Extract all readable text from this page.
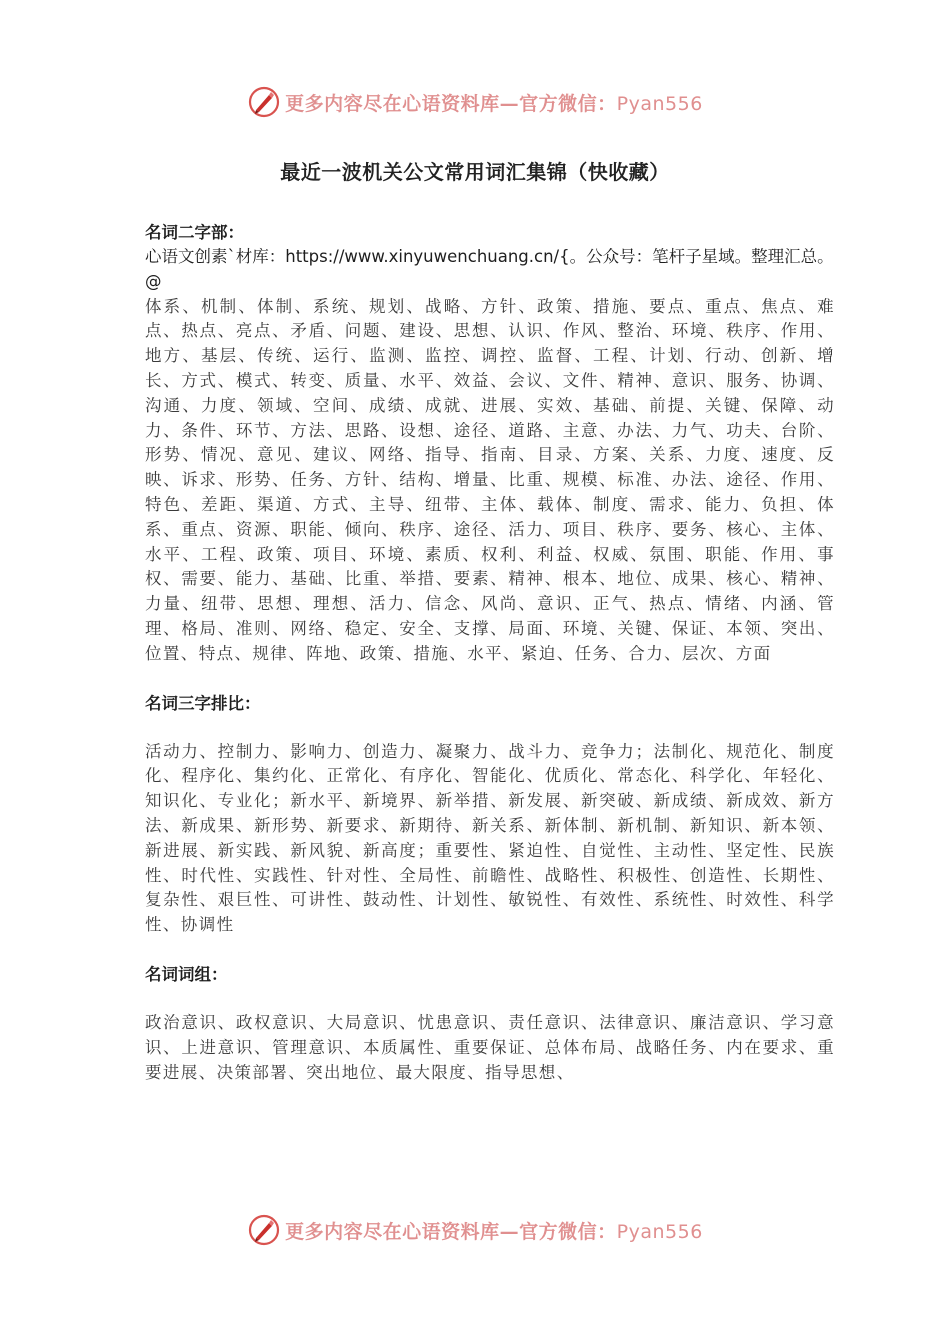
更多内容尽在心语资料库—官方微信：Pyan556
最近一波机关公文常用词汇集锦（快收藏）

名词二字部：

心语文创素`材库：https://www.xinyuwenchuang.cn/{。公众号：笔杆子星域。整理汇总。@

体系、机制、体制、系统、规划、战略、方针、政策、措施、要点、重点、焦点、难点、热点、亮点、矛盾、问题、建设、思想、认识、作风、整治、环境、秩序、作用、地方、基层、传统、运行、监测、监控、调控、监督、工程、计划、行动、创新、增长、方式、模式、转变、质量、水平、效益、会议、文件、精神、意识、服务、协调、沟通、力度、领域、空间、成绩、成就、进展、实效、基础、前提、关键、保障、动力、条件、环节、方法、思路、设想、途径、道路、主意、办法、力气、功夫、台阶、形势、情况、意见、建议、网络、指导、指南、目录、方案、关系、力度、速度、反映、诉求、形势、任务、方针、结构、增量、比重、规模、标准、办法、途径、作用、特色、差距、渠道、方式、主导、纽带、主体、载体、制度、需求、能力、负担、体系、重点、资源、职能、倾向、秩序、途径、活力、项目、秩序、要务、核心、主体、水平、工程、政策、项目、环境、素质、权利、利益、权威、氛围、职能、作用、事权、需要、能力、基础、比重、举措、要素、精神、根本、地位、成果、核心、精神、力量、纽带、思想、理想、活力、信念、风尚、意识、正气、热点、情绪、内涵、管理、格局、准则、网络、稳定、安全、支撑、局面、环境、关键、保证、本领、突出、位置、特点、规律、阵地、政策、措施、水平、紧迫、任务、合力、层次、方面

名词三字排比：

活动力、控制力、影响力、创造力、凝聚力、战斗力、竞争力；法制化、规范化、制度化、程序化、集约化、正常化、有序化、智能化、优质化、常态化、科学化、年轻化、知识化、专业化；新水平、新境界、新举措、新发展、新突破、新成绩、新成效、新方法、新成果、新形势、新要求、新期待、新关系、新体制、新机制、新知识、新本领、新进展、新实践、新风貌、新高度；重要性、紧迫性、自觉性、主动性、坚定性、民族性、时代性、实践性、针对性、全局性、前瞻性、战略性、积极性、创造性、长期性、复杂性、艰巨性、可讲性、鼓动性、计划性、敏锐性、有效性、系统性、时效性、科学性、协调性

名词词组：

政治意识、政权意识、大局意识、忧患意识、责任意识、法律意识、廉洁意识、学习意识、上进意识、管理意识、本质属性、重要保证、总体布局、战略任务、内在要求、重要进展、决策部署、突出地位、最大限度、指导思想、

更多内容尽在心语资料库—官方微信：Pyan556
